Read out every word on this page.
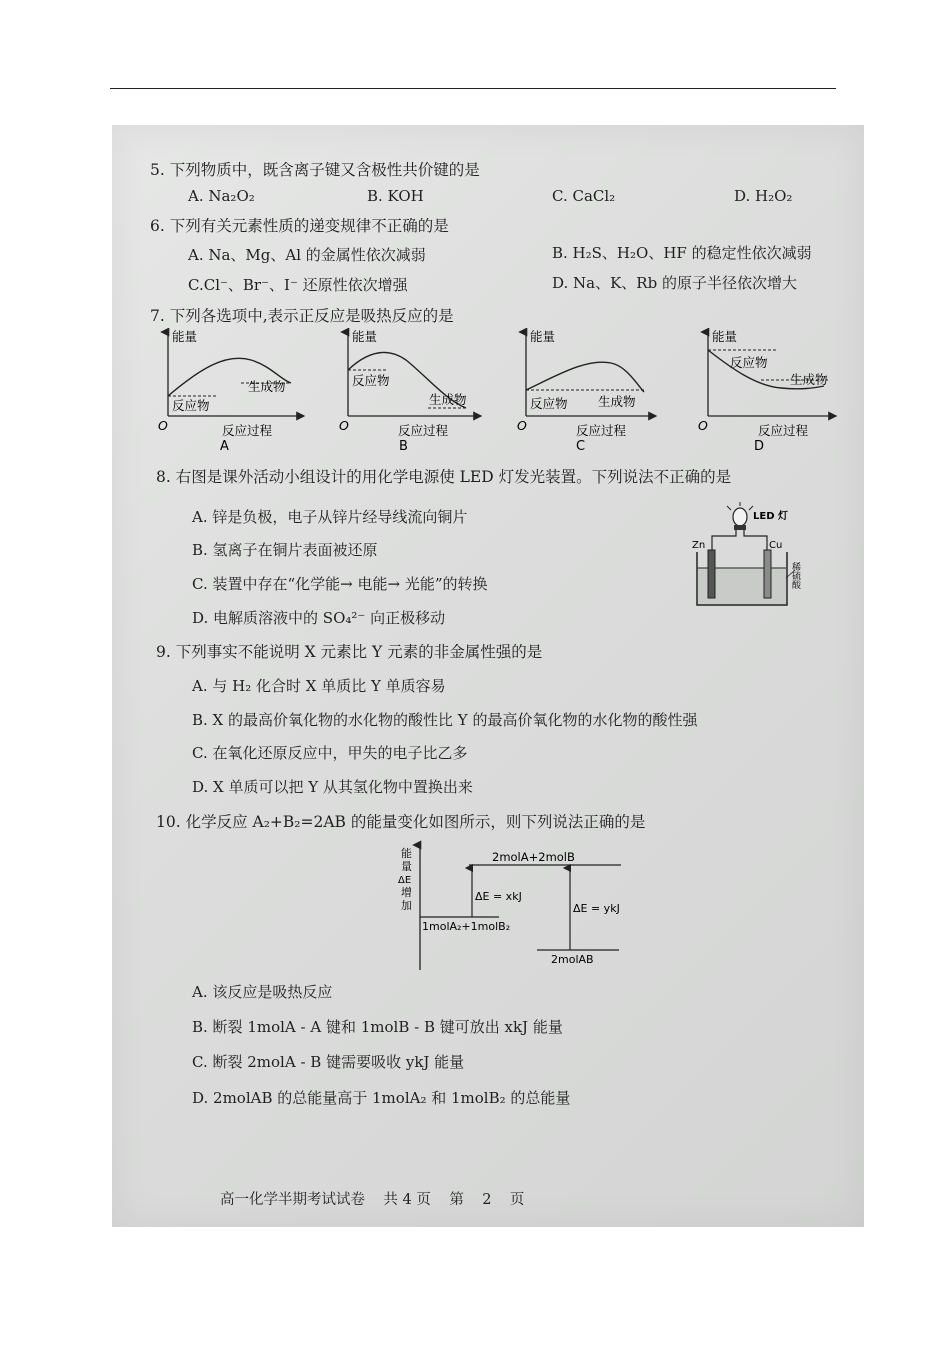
5. 下列物质中，既含离子键又含极性共价键的是
A. Na₂O₂	B. KOH	C. CaCl₂	D. H₂O₂
6. 下列有关元素性质的递变规律不正确的是
A. Na、Mg、Al 的金属性依次减弱	B. H₂S、H₂O、HF 的稳定性依次减弱
C.Cl⁻、Br⁻、I⁻ 还原性依次增强	D. Na、K、Rb 的原子半径依次增大
7. 下列各选项中,表示正反应是吸热反应的是
能量
反应物
生成物
O	反应过程
A
能量
反应物
生成物
O	反应过程
B
能量
反应物 生成物
O	反应过程
C
能量
反应物
生成物
O	反应过程
D
8. 右图是课外活动小组设计的用化学电源使 LED 灯发光装置。下列说法不正确的是
A. 锌是负极，电子从锌片经导线流向铜片
B. 氢离子在铜片表面被还原
C. 装置中存在“化学能→ 电能→ 光能”的转换
D. 电解质溶液中的 SO₄²⁻ 向正极移动
LED 灯
Zn	Cu
稀硫酸
9. 下列事实不能说明 X 元素比 Y 元素的非金属性强的是
A. 与 H₂ 化合时 X 单质比 Y 单质容易
B. X 的最高价氧化物的水化物的酸性比 Y 的最高价氧化物的水化物的酸性强
C. 在氧化还原反应中，甲失的电子比乙多
D. X 单质可以把 Y 从其氢化物中置换出来
10. 化学反应 A₂+B₂=2AB 的能量变化如图所示，则下列说法正确的是
能
量
ΔE
增
加
2molA+2molB
1molA₂+1molB₂
2molAB
ΔE = xkJ
ΔE = ykJ
A. 该反应是吸热反应
B. 断裂 1molA - A 键和 1molB - B 键可放出 xkJ 能量
C. 断裂 2molA - B 键需要吸收 ykJ 能量
D. 2molAB 的总能量高于 1molA₂ 和 1molB₂ 的总能量
高一化学半期考试试卷    共 4 页    第    2    页
